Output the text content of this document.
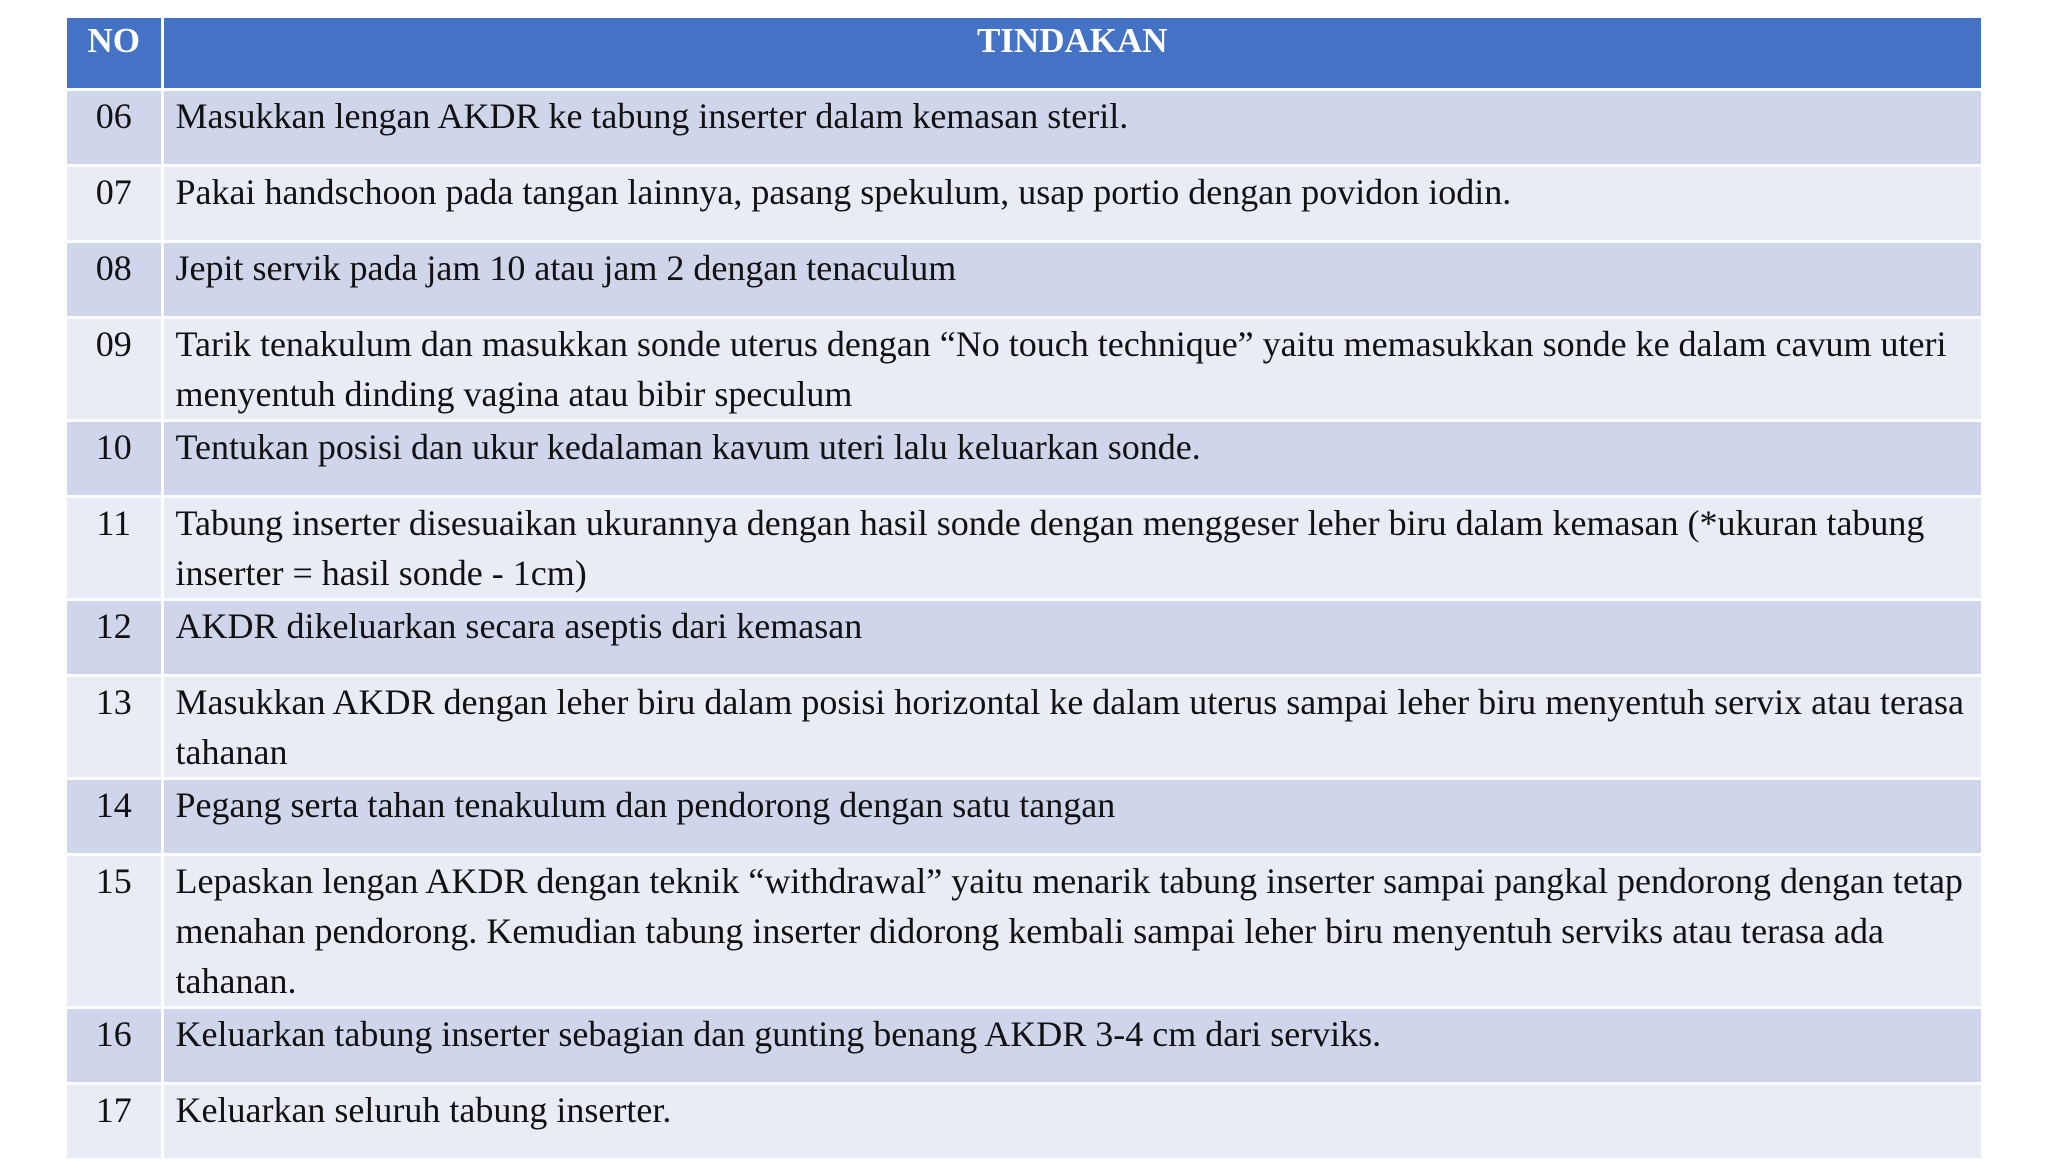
NO	TINDAKAN
06	Masukkan lengan AKDR ke tabung inserter dalam kemasan steril.
07	Pakai handschoon pada tangan lainnya, pasang spekulum, usap portio dengan povidon iodin.
08	Jepit servik pada jam 10 atau jam 2 dengan tenaculum
09	Tarik tenakulum dan masukkan sonde uterus dengan “No touch technique” yaitu memasukkan sonde ke dalam cavum uteri menyentuh dinding vagina atau bibir speculum
10	Tentukan posisi dan ukur kedalaman kavum uteri lalu keluarkan sonde.
11	Tabung inserter disesuaikan ukurannya dengan hasil sonde dengan menggeser leher biru dalam kemasan (*ukuran tabung inserter = hasil sonde - 1cm)
12	AKDR dikeluarkan secara aseptis dari kemasan
13	Masukkan AKDR dengan leher biru dalam posisi horizontal ke dalam uterus sampai leher biru menyentuh servix atau terasa tahanan
14	Pegang serta tahan tenakulum dan pendorong dengan satu tangan
15	Lepaskan lengan AKDR dengan teknik “withdrawal” yaitu menarik tabung inserter sampai pangkal pendorong dengan tetap menahan pendorong. Kemudian tabung inserter didorong kembali sampai leher biru menyentuh serviks atau terasa ada tahanan.
16	Keluarkan tabung inserter sebagian dan gunting benang AKDR 3-4 cm dari serviks.
17	Keluarkan seluruh tabung inserter.
